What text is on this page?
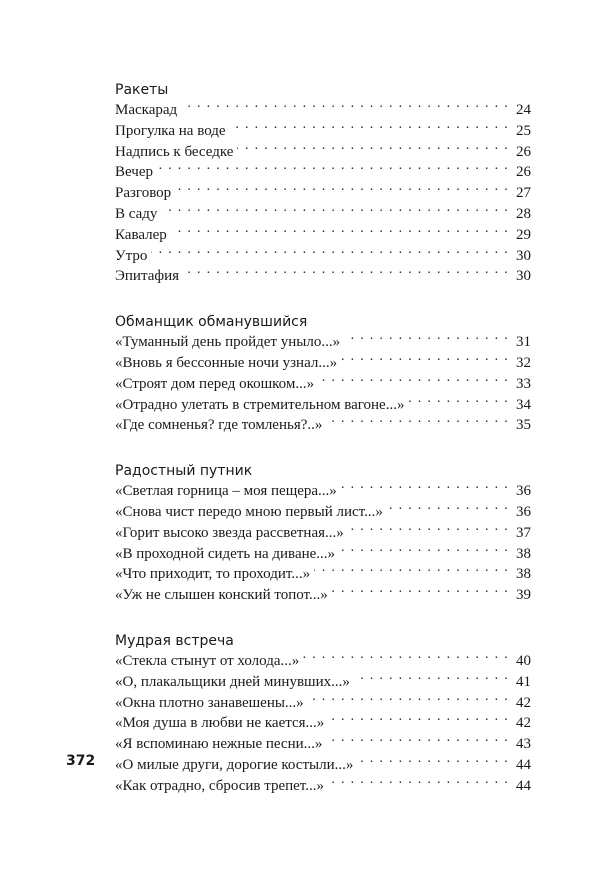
Ракеты
Маскарад . . .	24
Прогулка на воде . . .	25
Надпись к беседке . . .	26
Вечер . . .	26
Разговор . . .	27
В саду . . .	28
Кавалер . . .	29
Утро . . .	30
Эпитафия . . .	30
Обманщик обманувшийся
«Туманный день пройдет уныло...» . . .	31
«Вновь я бессонные ночи узнал...» . . .	32
«Строят дом перед окошком...» . . .	33
«Отрадно улетать в стремительном вагоне...» . . .	34
«Где сомненья? где томленья?..» . . .	35
Радостный путник
«Светлая горница – моя пещера...» . . .	36
«Снова чист передо мною первый лист...» . . .	36
«Горит высоко звезда рассветная...» . . .	37
«В проходной сидеть на диване...» . . .	38
«Что приходит, то проходит...» . . .	38
«Уж не слышен конский топот...» . . .	39
Мудрая встреча
«Стекла стынут от холода...» . . .	40
«О, плакальщики дней минувших...» . . .	41
«Окна плотно занавешены...» . . .	42
«Моя душа в любви не кается...» . . .	42
«Я вспоминаю нежные песни...» . . .	43
«О милые други, дорогие костыли...» . . .	44
«Как отрадно, сбросив трепет...» . . .	44
372
